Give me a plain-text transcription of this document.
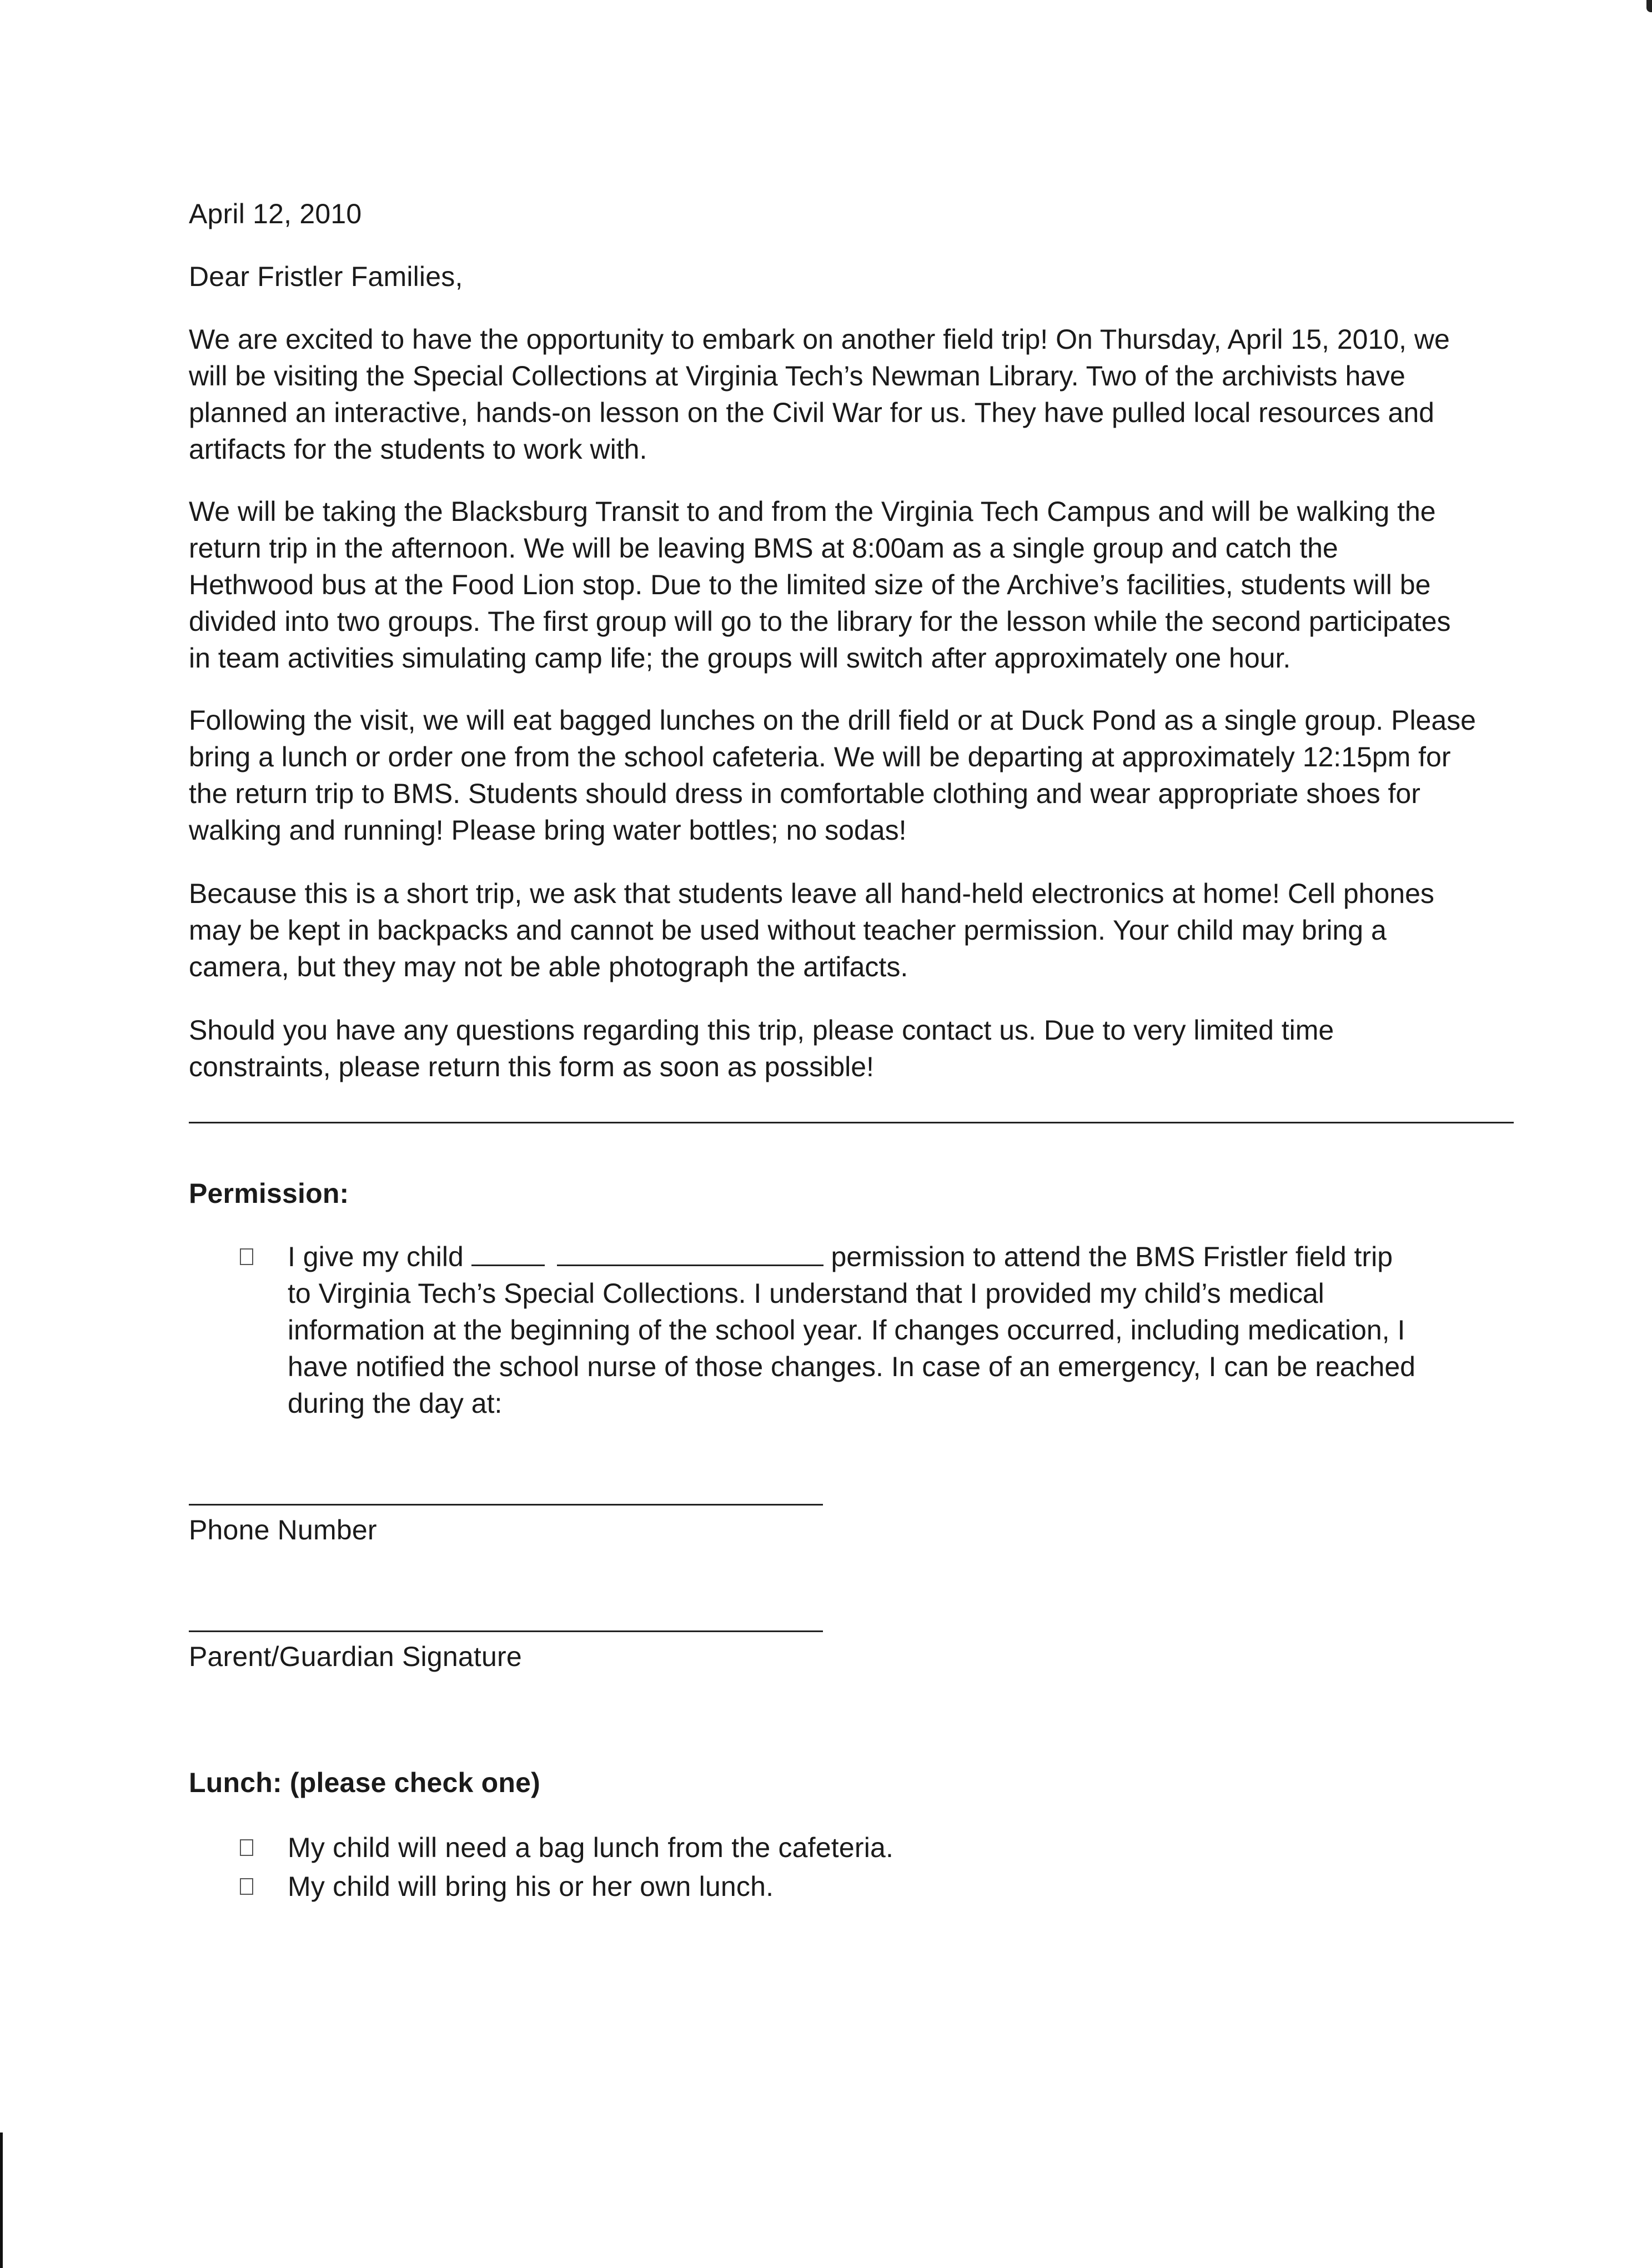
April 12, 2010
Dear Fristler Families,
We are excited to have the opportunity to embark on another field trip! On Thursday, April 15, 2010, we
will be visiting the Special Collections at Virginia Tech’s Newman Library. Two of the archivists have
planned an interactive, hands-on lesson on the Civil War for us. They have pulled local resources and
artifacts for the students to work with.
We will be taking the Blacksburg Transit to and from the Virginia Tech Campus and will be walking the
return trip in the afternoon. We will be leaving BMS at 8:00am as a single group and catch the
Hethwood bus at the Food Lion stop. Due to the limited size of the Archive’s facilities, students will be
divided into two groups. The first group will go to the library for the lesson while the second participates
in team activities simulating camp life; the groups will switch after approximately one hour.
Following the visit, we will eat bagged lunches on the drill field or at Duck Pond as a single group. Please
bring a lunch or order one from the school cafeteria. We will be departing at approximately 12:15pm for
the return trip to BMS. Students should dress in comfortable clothing and wear appropriate shoes for
walking and running! Please bring water bottles; no sodas!
Because this is a short trip, we ask that students leave all hand-held electronics at home! Cell phones
may be kept in backpacks and cannot be used without teacher permission. Your child may bring a
camera, but they may not be able photograph the artifacts.
Should you have any questions regarding this trip, please contact us. Due to very limited time
constraints, please return this form as soon as possible!
Permission:
I give my child	permission to attend the BMS Fristler field trip
to Virginia Tech’s Special Collections. I understand that I provided my child’s medical
information at the beginning of the school year. If changes occurred, including medication, I
have notified the school nurse of those changes. In case of an emergency, I can be reached
during the day at:
Phone Number
Parent/Guardian Signature
Lunch: (please check one)
My child will need a bag lunch from the cafeteria.
My child will bring his or her own lunch.
